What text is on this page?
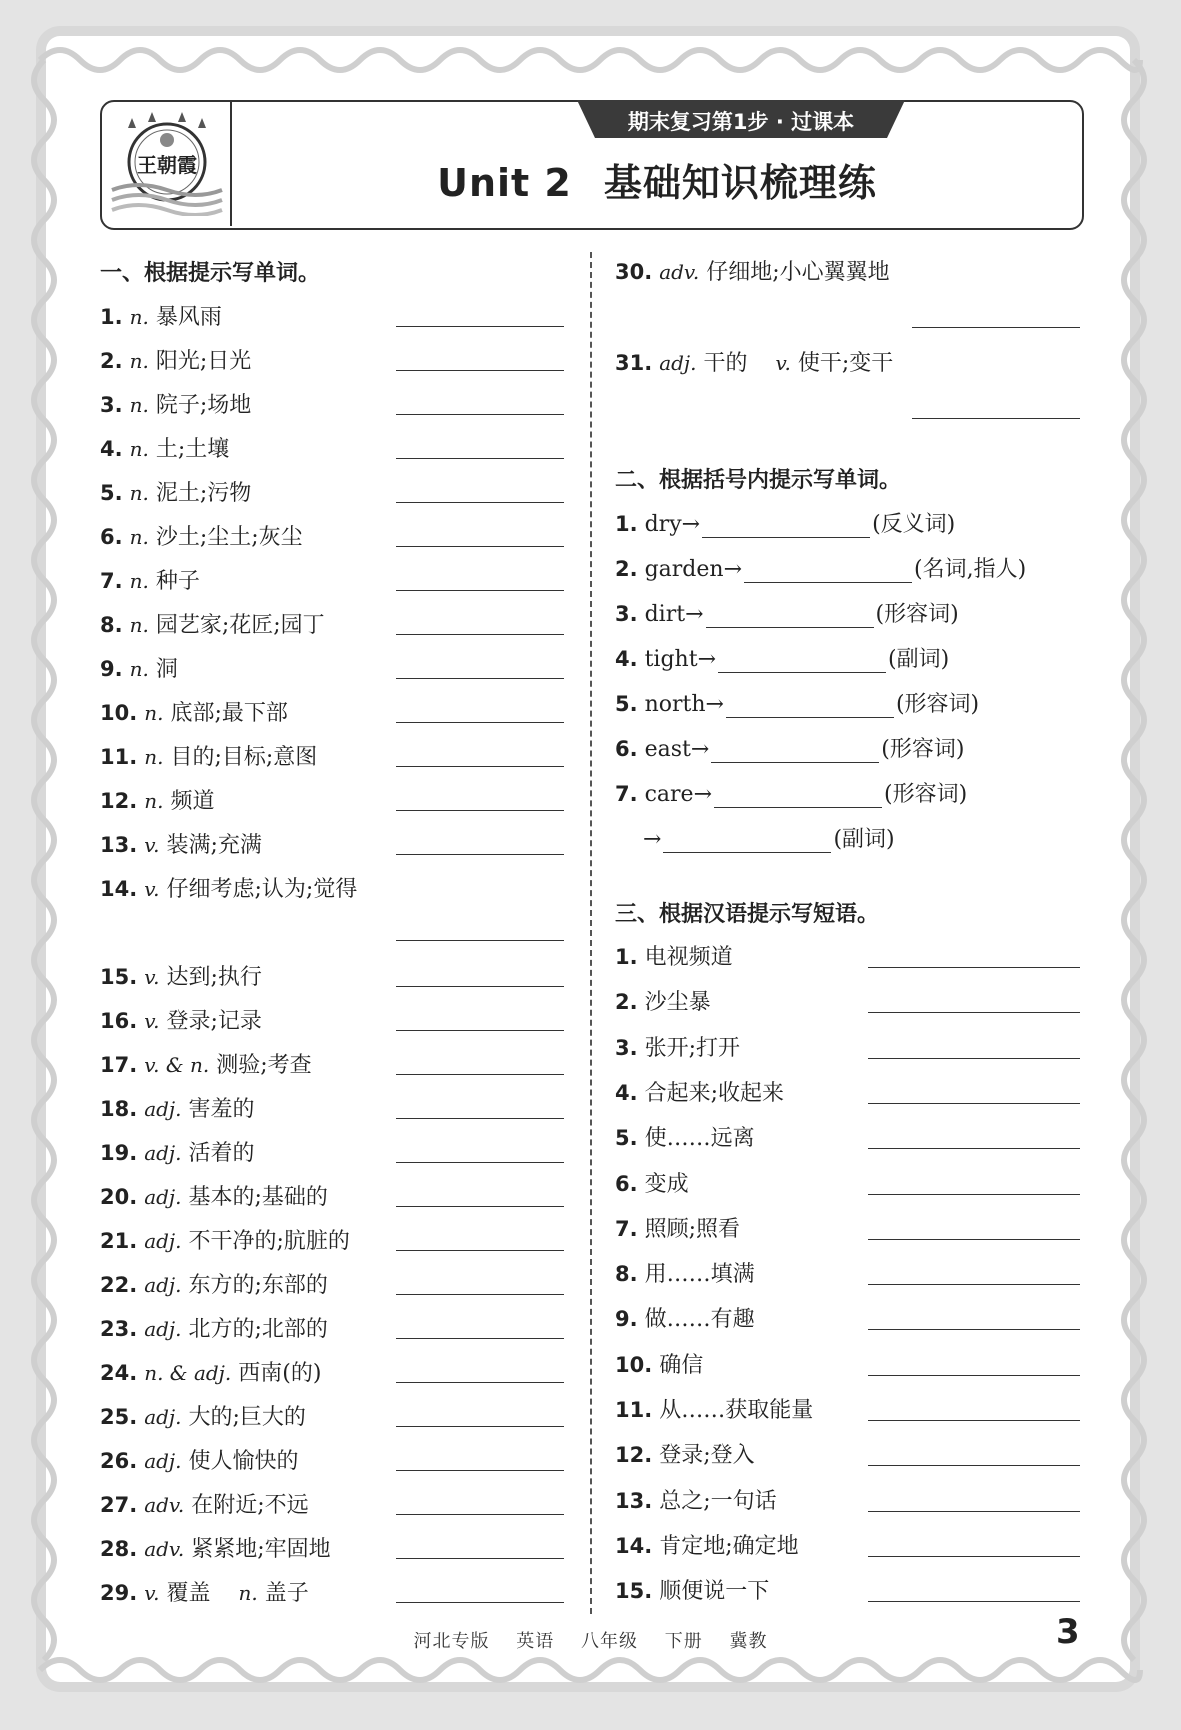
王朝霞
期末复习第1步 · 过课本
Unit 2 基础知识梳理练
一、根据提示写单词。
1. n. 暴风雨
2. n. 阳光;日光
3. n. 院子;场地
4. n. 土;土壤
5. n. 泥土;污物
6. n. 沙土;尘土;灰尘
7. n. 种子
8. n. 园艺家;花匠;园丁
9. n. 洞
10. n. 底部;最下部
11. n. 目的;目标;意图
12. n. 频道
13. v. 装满;充满
14. v. 仔细考虑;认为;觉得
15. v. 达到;执行
16. v. 登录;记录
17. v. & n. 测验;考查
18. adj. 害羞的
19. adj. 活着的
20. adj. 基本的;基础的
21. adj. 不干净的;肮脏的
22. adj. 东方的;东部的
23. adj. 北方的;北部的
24. n. & adj. 西南(的)
25. adj. 大的;巨大的
26. adj. 使人愉快的
27. adv. 在附近;不远
28. adv. 紧紧地;牢固地
29. v. 覆盖 n. 盖子
30. adv. 仔细地;小心翼翼地
31. adj. 干的 v. 使干;变干
二、根据括号内提示写单词。
1. dry→	(反义词)
2. garden→	(名词,指人)
3. dirt→	(形容词)
4. tight→	(副词)
5. north→	(形容词)
6. east→	(形容词)
7. care→	(形容词)
→	(副词)
三、根据汉语提示写短语。
1. 电视频道
2. 沙尘暴
3. 张开;打开
4. 合起来;收起来
5. 使……远离
6. 变成
7. 照顾;照看
8. 用……填满
9. 做……有趣
10. 确信
11. 从……获取能量
12. 登录;登入
13. 总之;一句话
14. 肯定地;确定地
15. 顺便说一下
河北专版 英语 八年级 下册 冀教	3
